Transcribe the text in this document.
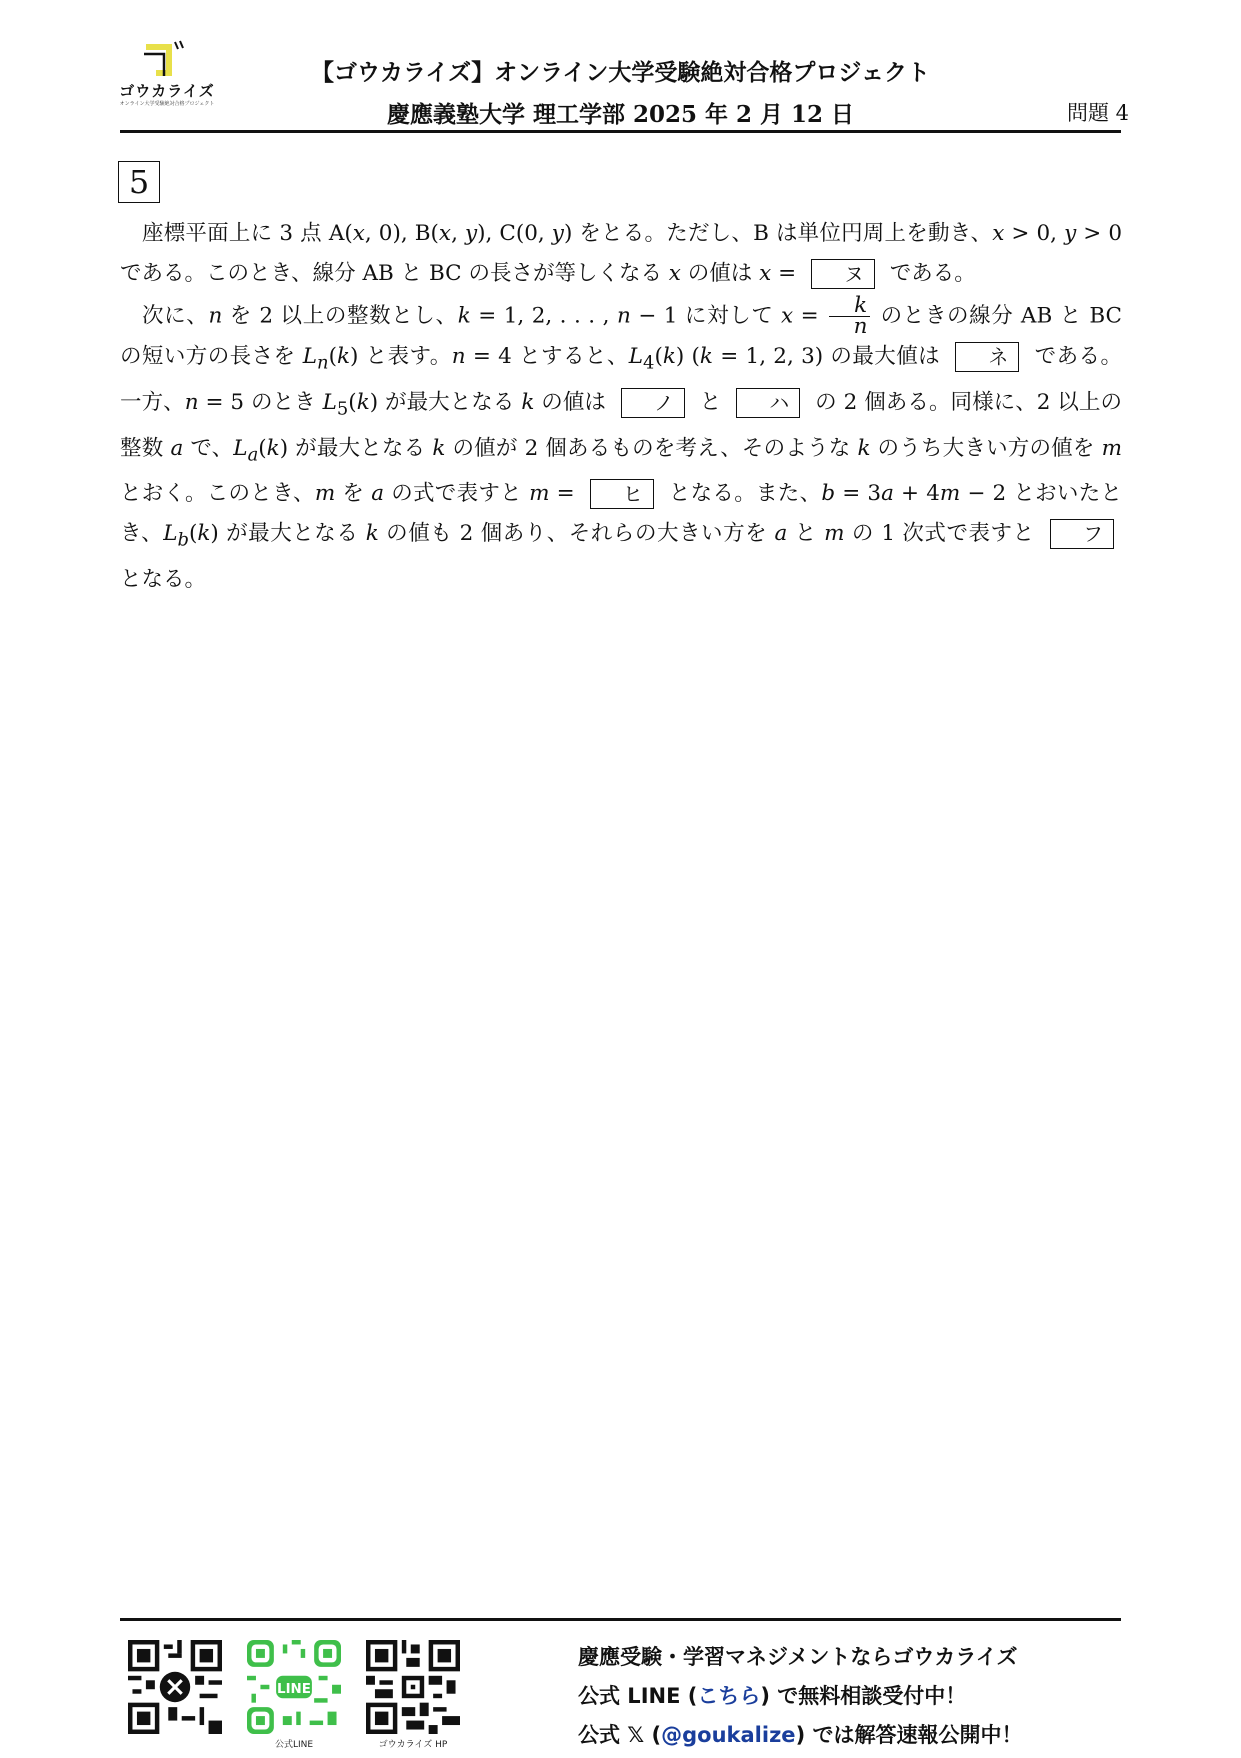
ゴウカライズ
オンライン大学受験絶対合格プロジェクト
【ゴウカライズ】オンライン大学受験絶対合格プロジェクト
慶應義塾大学 理工学部 2025 年 2 月 12 日	問題 4
5

座標平面上に 3 点 A(x, 0), B(x, y), C(0, y) をとる。ただし、B は単位円周上を動き、x > 0, y > 0 である。このとき、線分 AB と BC の長さが等しくなる x の値は x = ヌ である。

次に、n を 2 以上の整数とし、k = 1, 2, . . . , n − 1 に対して $x = \frac{k}{n}$ のときの線分 AB と BC の短い方の長さを $L_n(k)$ と表す。n = 4 とすると、$L_4(k) (k = 1$, 2, 3) の最大値は ネ である。一方、n = 5 のとき $L_5(k)$ が最大となる k の値は ノ と ハ の 2 個ある。同様に、2 以上の整数 a で、$L_a(k)$ が最大となる k の値が 2 個あるものを考え、そのような k のうち大きい方の値を m とおく。このとき、m を a の式で表すと m = ヒ となる。また、b = 3a + 4m − 2 とおいたとき、$L_b(k)$ が最大となる k の値も 2 個あり、それらの大きい方を a と m の 1 次式で表すと フ となる。

LINE
公式LINE	ゴウカライズ HP
慶應受験・学習マネジメントならゴウカライズ
公式 LINE (こちら) で無料相談受付中！
公式 𝕏 (@goukalize) では解答速報公開中！
